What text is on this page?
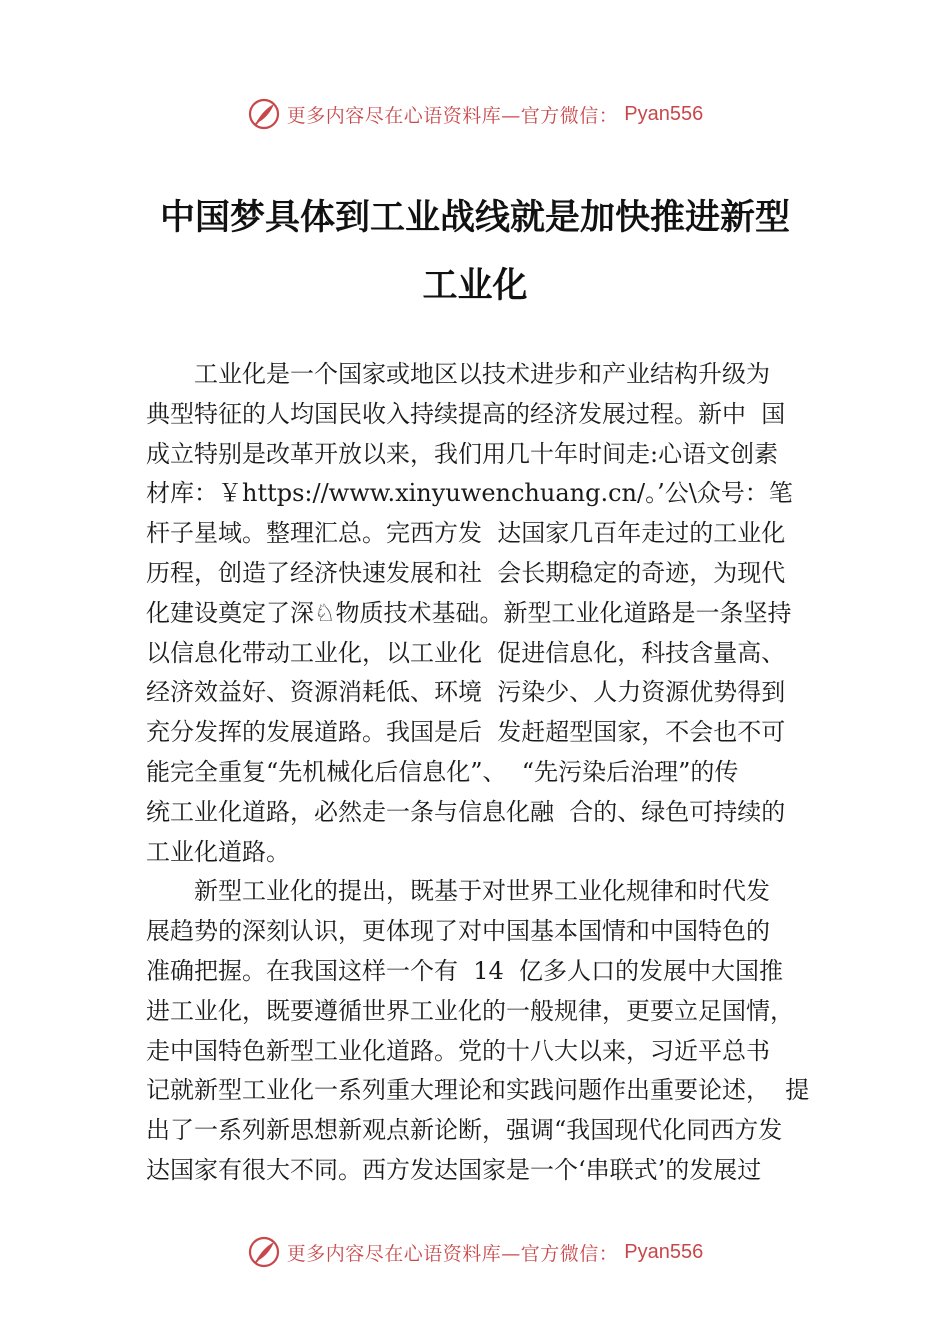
更多内容尽在心语资料库—官方微信： Pyan556
中国梦具体到工业战线就是加快推进新型
工业化

工业化是一个国家或地区以技术进步和产业结构升级为

典型特征的人均国民收入持续提高的经济发展过程。新中  国

成立特别是改革开放以来，我们用几十年时间走:心语文创素

材库：￥https://www.xinyuwenchuang.cn/。’公\众号：笔

杆子星域。整理汇总。完西方发  达国家几百年走过的工业化

历程，创造了经济快速发展和社  会长期稳定的奇迹，为现代

化建设奠定了深♘物质技术基础。新型工业化道路是一条坚持

以信息化带动工业化，以工业化  促进信息化，科技含量高、

经济效益好、资源消耗低、环境  污染少、人力资源优势得到

充分发挥的发展道路。我国是后  发赶超型国家，不会也不可

能完全重复“先机械化后信息化”、  “先污染后治理”的传

统工业化道路，必然走一条与信息化融  合的、绿色可持续的

工业化道路。

新型工业化的提出，既基于对世界工业化规律和时代发

展趋势的深刻认识，更体现了对中国基本国情和中国特色的

准确把握。在我国这样一个有  14  亿多人口的发展中大国推

进工业化，既要遵循世界工业化的一般规律，更要立足国情，

走中国特色新型工业化道路。党的十八大以来，习近平总书

记就新型工业化一系列重大理论和实践问题作出重要论述，  提

出了一系列新思想新观点新论断，强调“我国现代化同西方发

达国家有很大不同。西方发达国家是一个‘串联式’的发展过

更多内容尽在心语资料库—官方微信： Pyan556
